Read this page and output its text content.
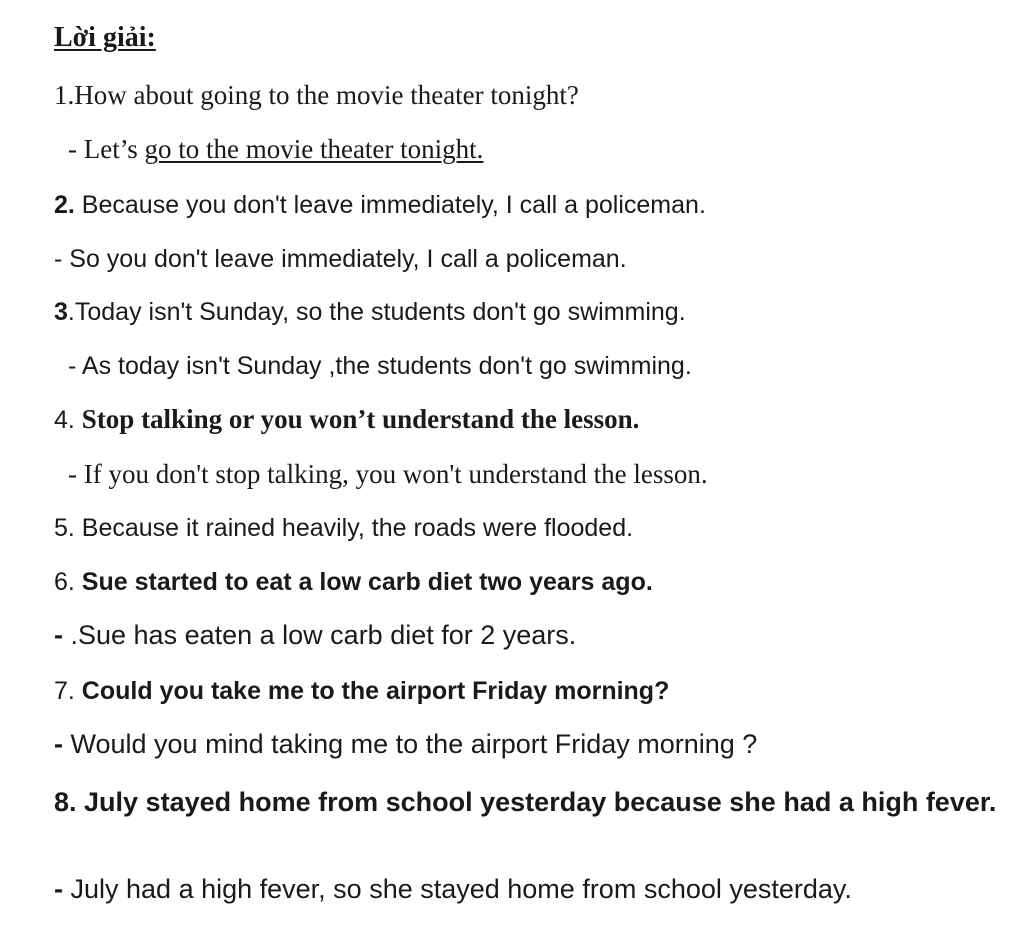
Lời giải:
1.How about going to the movie theater tonight?
- Let’s go to the movie theater tonight.
2. Because you don't leave immediately, I call a policeman.
- So you don't leave immediately, I call a policeman.
3.Today isn't Sunday, so the students don't go swimming.
- As today isn't Sunday ,the students don't go swimming.
4. Stop talking or you won’t understand the lesson.
- If you don't stop talking, you won't understand the lesson.
5. Because it rained heavily, the roads were flooded.
6. Sue started to eat a low carb diet two years ago.
- .Sue has eaten a low carb diet for 2 years.
7. Could you take me to the airport Friday morning?
- Would you mind taking me to the airport Friday morning ?
8. July stayed home from school yesterday because she had a high fever.
- July had a high fever, so she stayed home from school yesterday.
